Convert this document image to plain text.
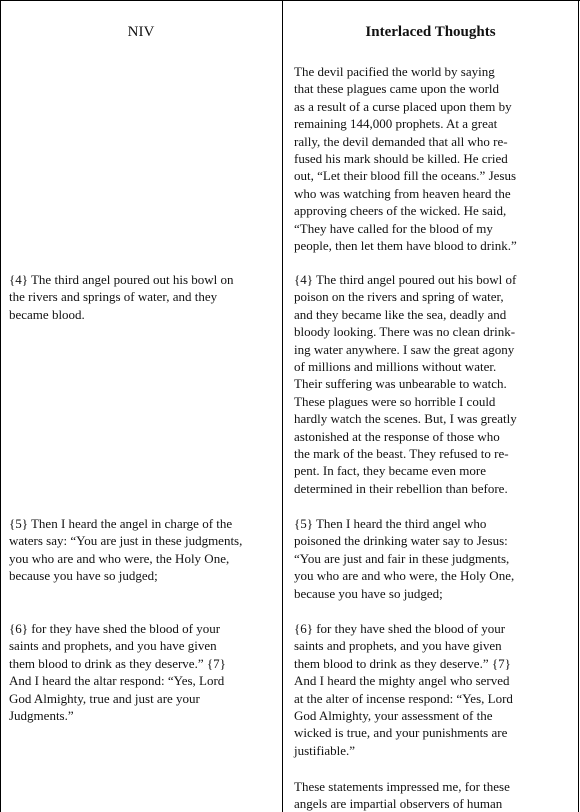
NIV	Interlaced Thoughts

The devil pacified the world by saying
that these plagues came upon the world
as a result of a curse placed upon them by
remaining 144,000 prophets. At a great
rally, the devil demanded that all who re-
fused his mark should be killed. He cried
out, “Let their blood fill the oceans.” Jesus
who was watching from heaven heard the
approving cheers of the wicked. He said,
“They have called for the blood of my
people, then let them have blood to drink.”

{4} The third angel poured out his bowl of
poison on the rivers and spring of water,
and they became like the sea, deadly and
bloody looking. There was no clean drink-
ing water anywhere. I saw the great agony
of millions and millions without water.
Their suffering was unbearable to watch.
These plagues were so horrible I could
hardly watch the scenes. But, I was greatly
astonished at the response of those who
the mark of the beast. They refused to re-
pent. In fact, they became even more
determined in their rebellion than before.

{5} Then I heard the third angel who
poisoned the drinking water say to Jesus:
“You are just and fair in these judgments,
you who are and who were, the Holy One,
because you have so judged;

{6} for they have shed the blood of your
saints and prophets, and you have given
them blood to drink as they deserve.” {7}
And I heard the mighty angel who served
at the alter of incense respond: “Yes, Lord
God Almighty, your assessment of the
wicked is true, and your punishments are
justifiable.”

These statements impressed me, for these
angels are impartial observers of human

{4} The third angel poured out his bowl on
the rivers and springs of water, and they
became blood.

{5} Then I heard the angel in charge of the
waters say: “You are just in these judgments,
you who are and who were, the Holy One,
because you have so judged;

{6} for they have shed the blood of your
saints and prophets, and you have given
them blood to drink as they deserve.” {7}
And I heard the altar respond: “Yes, Lord
God Almighty, true and just are your
Judgments.”
